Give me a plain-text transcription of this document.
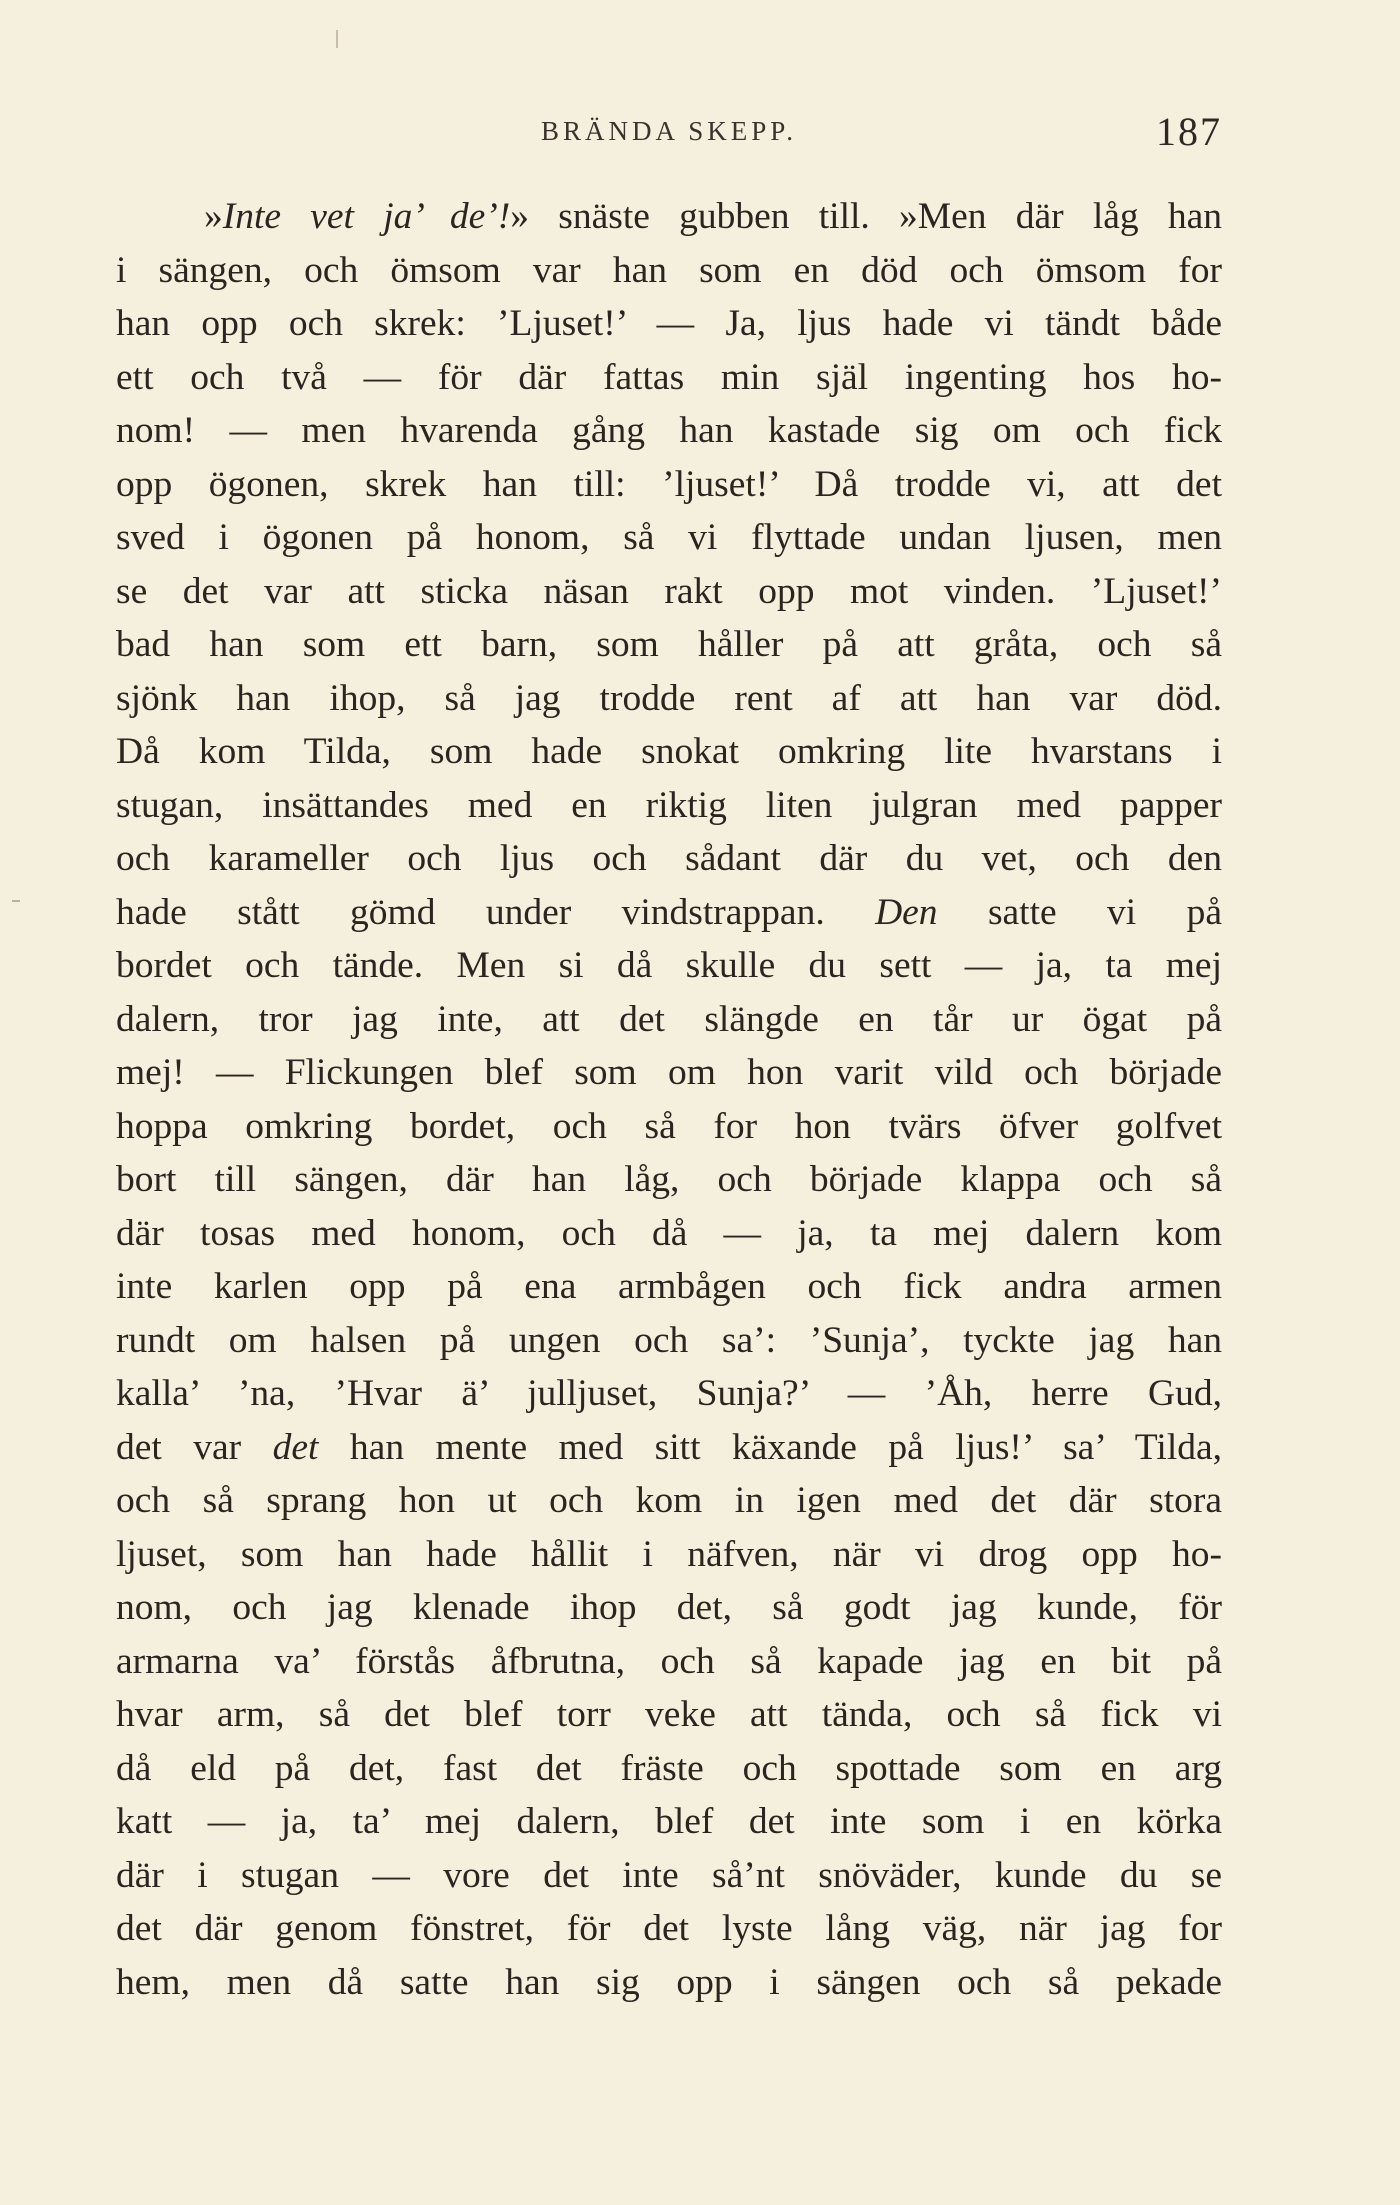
BRÄNDA SKEPP.	187
»Inte vet ja’ de’!» snäste gubben till. »Men där låg han
i sängen, och ömsom var han som en död och ömsom for
han opp och skrek: ’Ljuset!’ — Ja, ljus hade vi tändt både
ett och två — för där fattas min själ ingenting hos ho-
nom! — men hvarenda gång han kastade sig om och fick
opp ögonen, skrek han till: ’ljuset!’ Då trodde vi, att det
sved i ögonen på honom, så vi flyttade undan ljusen, men
se det var att sticka näsan rakt opp mot vinden. ’Ljuset!’
bad han som ett barn, som håller på att gråta, och så
sjönk han ihop, så jag trodde rent af att han var död.
Då kom Tilda, som hade snokat omkring lite hvarstans i
stugan, insättandes med en riktig liten julgran med papper
och karameller och ljus och sådant där du vet, och den
hade stått gömd under vindstrappan. Den satte vi på
bordet och tände. Men si då skulle du sett — ja, ta mej
dalern, tror jag inte, att det slängde en tår ur ögat på
mej! — Flickungen blef som om hon varit vild och började
hoppa omkring bordet, och så for hon tvärs öfver golfvet
bort till sängen, där han låg, och började klappa och så
där tosas med honom, och då — ja, ta mej dalern kom
inte karlen opp på ena armbågen och fick andra armen
rundt om halsen på ungen och sa’: ’Sunja’, tyckte jag han
kalla’ ’na, ’Hvar ä’ julljuset, Sunja?’ — ’Åh, herre Gud,
det var det han mente med sitt käxande på ljus!’ sa’ Tilda,
och så sprang hon ut och kom in igen med det där stora
ljuset, som han hade hållit i näfven, när vi drog opp ho-
nom, och jag klenade ihop det, så godt jag kunde, för
armarna va’ förstås åfbrutna, och så kapade jag en bit på
hvar arm, så det blef torr veke att tända, och så fick vi
då eld på det, fast det fräste och spottade som en arg
katt — ja, ta’ mej dalern, blef det inte som i en körka
där i stugan — vore det inte så’nt snöväder, kunde du se
det där genom fönstret, för det lyste lång väg, när jag for
hem, men då satte han sig opp i sängen och så pekade
